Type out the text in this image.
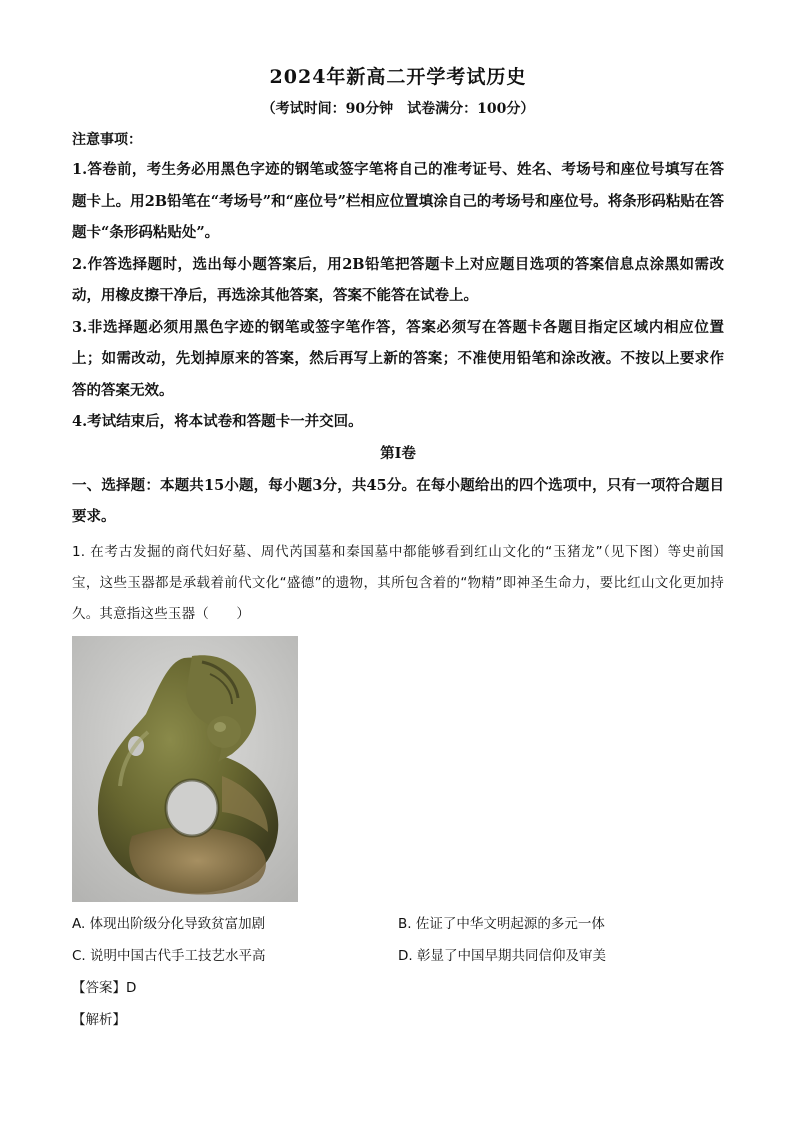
2024年新高二开学考试历史
（考试时间：90分钟　试卷满分：100分）
注意事项：

1.答卷前，考生务必用黑色字迹的钢笔或签字笔将自己的准考证号、姓名、考场号和座位号填写在答题卡上。用2B铅笔在“考场号”和“座位号”栏相应位置填涂自己的考场号和座位号。将条形码粘贴在答题卡“条形码粘贴处”。

2.作答选择题时，选出每小题答案后，用2B铅笔把答题卡上对应题目选项的答案信息点涂黑如需改动，用橡皮擦干净后，再选涂其他答案，答案不能答在试卷上。

3.非选择题必须用黑色字迹的钢笔或签字笔作答，答案必须写在答题卡各题目指定区域内相应位置上；如需改动，先划掉原来的答案，然后再写上新的答案；不准使用铅笔和涂改液。不按以上要求作答的答案无效。

4.考试结束后，将本试卷和答题卡一并交回。

第Ⅰ卷
一、选择题：本题共15小题，每小题3分，共45分。在每小题给出的四个选项中，只有一项符合题目要求。
1. 在考古发掘的商代妇好墓、周代芮国墓和秦国墓中都能够看到红山文化的“玉猪龙”（见下图）等史前国宝，这些玉器都是承载着前代文化“盛德”的遗物，其所包含着的“物精”即神圣生命力，要比红山文化更加持久。其意指这些玉器（　　）
A. 体现出阶级分化导致贫富加剧	B. 佐证了中华文明起源的多元一体
C. 说明中国古代手工技艺水平高	D. 彰显了中国早期共同信仰及审美
【答案】D
【解析】
